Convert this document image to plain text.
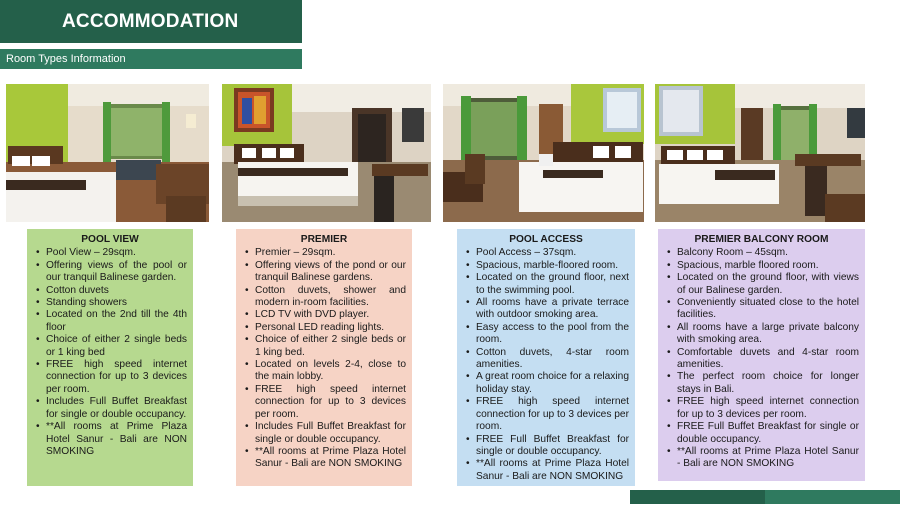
ACCOMMODATION
Room Types Information
POOL VIEW
• Pool View – 29sqm.
• Offering views of the pool or our tranquil Balinese garden.
• Cotton duvets
• Standing showers
• Located on the 2nd till the 4th floor
• Choice of either 2 single beds or 1 king bed
• FREE high speed internet connection for up to 3 devices per room.
• Includes Full Buffet Breakfast for single or double occupancy.
• **All rooms at Prime Plaza Hotel Sanur - Bali are NON SMOKING
PREMIER
• Premier – 29sqm.
• Offering views of the pond or our tranquil Balinese gardens.
• Cotton duvets, shower and modern in-room facilities.
• LCD TV with DVD player.
• Personal LED reading lights.
• Choice of either 2 single beds or 1 king bed.
• Located on levels 2-4, close to the main lobby.
• FREE high speed internet connection for up to 3 devices per room.
• Includes Full Buffet Breakfast for single or double occupancy.
• **All rooms at Prime Plaza Hotel Sanur - Bali are NON SMOKING
POOL ACCESS
• Pool Access – 37sqm.
• Spacious, marble-floored room.
• Located on the ground floor, next to the swimming pool.
• All rooms have a private terrace with outdoor smoking area.
• Easy access to the pool from the room.
• Cotton duvets, 4-star room amenities.
• A great room choice for a relaxing holiday stay.
• FREE high speed internet connection for up to 3 devices per room.
• FREE Full Buffet Breakfast for single or double occupancy.
• **All rooms at Prime Plaza Hotel Sanur - Bali are NON SMOKING
PREMIER BALCONY ROOM
• Balcony Room – 45sqm.
• Spacious, marble floored room.
• Located on the ground floor, with views of our Balinese garden.
• Conveniently situated close to the hotel facilities.
• All rooms have a large private balcony with smoking area.
• Comfortable duvets and 4-star room amenities.
• The perfect room choice for longer stays in Bali.
• FREE high speed internet connection for up to 3 devices per room.
• FREE Full Buffet Breakfast for single or double occupancy.
• **All rooms at Prime Plaza Hotel Sanur - Bali are NON SMOKING
